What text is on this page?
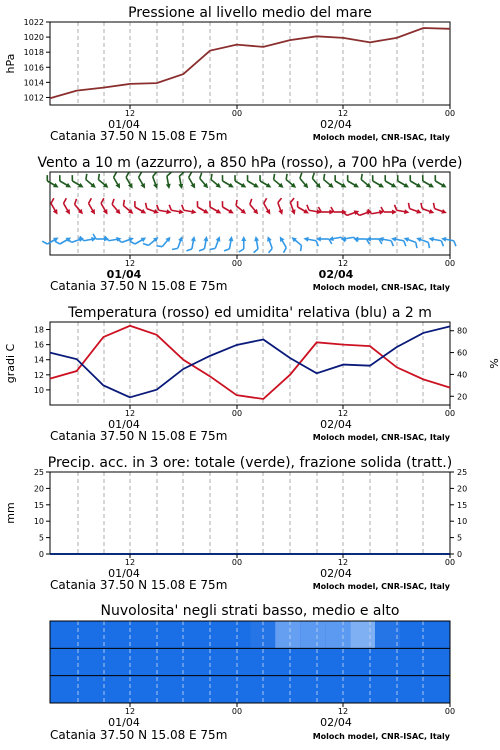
Pressione al livello medio del mare
1022
1020
1018
1016
1014
1012
hPa
12	00	12	00
01/04	02/04
Catania 37.50 N 15.08 E 75m	Moloch model, CNR-ISAC, Italy
Vento a 10 m (azzurro), a 850 hPa (rosso), a 700 hPa (verde)
12	00	12	00
01/04	02/04
Catania 37.50 N 15.08 E 75m	Moloch model, CNR-ISAC, Italy
Temperatura (rosso) ed umidita' relativa (blu) a 2 m
18
16
14
12
10
80
60
40
20
gradi C	%
12	00	12	00
01/04	02/04
Catania 37.50 N 15.08 E 75m	Moloch model, CNR-ISAC, Italy
Precip. acc. in 3 ore: totale (verde), frazione solida (tratt.)
25	25
20	20
15	15
10	10
5	5
0	0
mm
12	00	12	00
01/04	02/04
Catania 37.50 N 15.08 E 75m	Moloch model, CNR-ISAC, Italy
Nuvolosita' negli strati basso, medio e alto
12	00	12	00
01/04	02/04
Catania 37.50 N 15.08 E 75m	Moloch model, CNR-ISAC, Italy
